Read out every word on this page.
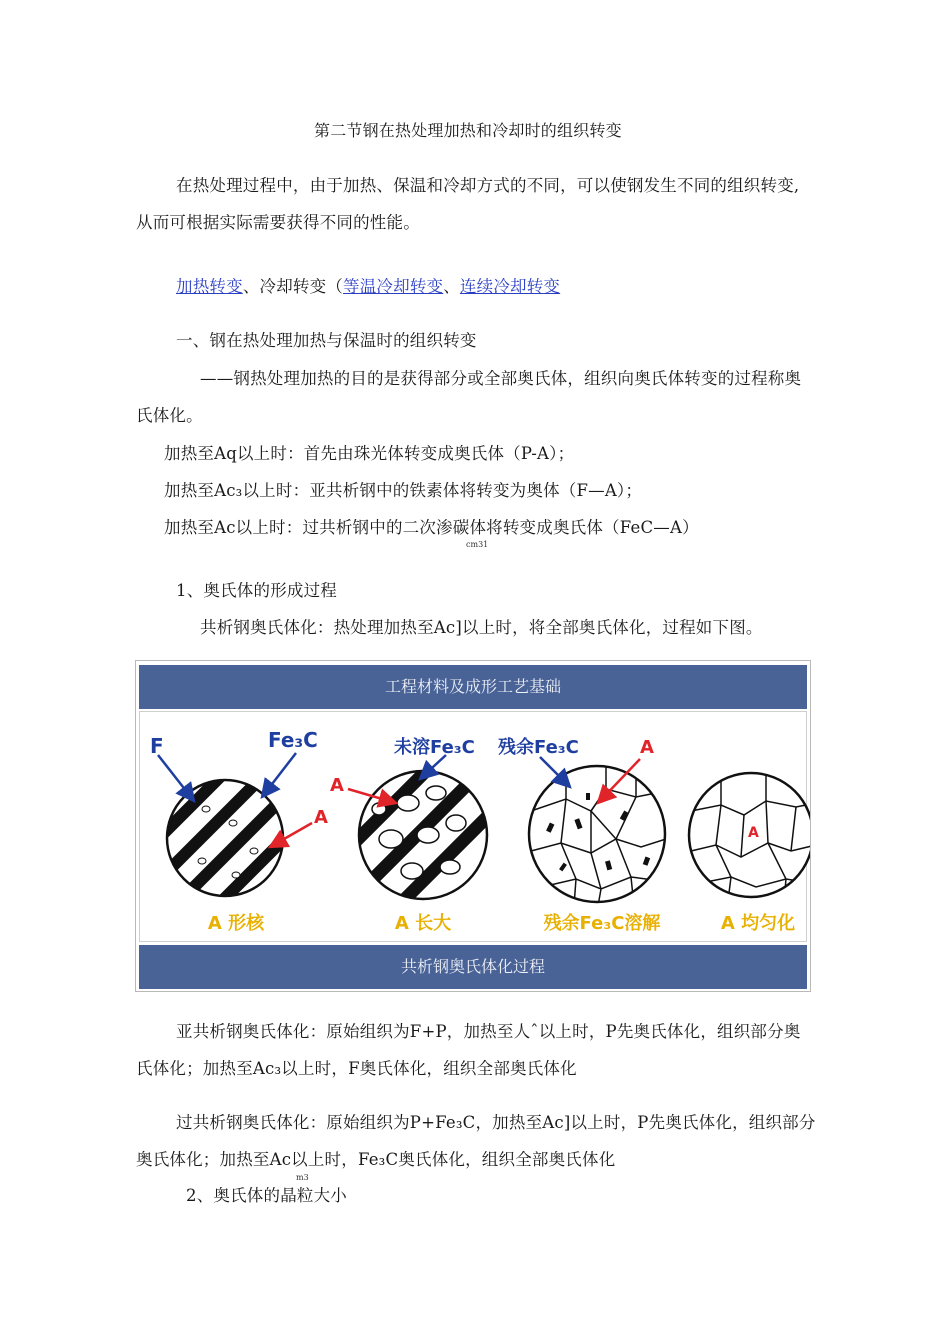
第二节钢在热处理加热和冷却时的组织转变
在热处理过程中，由于加热、保温和冷却方式的不同，可以使钢发生不同的组织转变,
从而可根据实际需要获得不同的性能。
加热转变、冷却转变（等温冷却转变、连续冷却转变
一、钢在热处理加热与保温时的组织转变
——钢热处理加热的目的是获得部分或全部奥氏体，组织向奥氏体转变的过程称奥
氏体化。
加热至Aq以上时：首先由珠光体转变成奥氏体（P-A）；
加热至Ac₃以上时：亚共析钢中的铁素体将转变为奥体（F—A）；
加热至Ac以上时：过共析钢中的二次渗碳体将转变成奥氏体（FeC—A）
cm31
1、奥氏体的形成过程
共析钢奥氏体化：热处理加热至Ac]以上时，将全部奥氏体化，过程如下图。
工程材料及成形工艺基础
F	Fe₃C
A
A
未溶Fe₃C 残余Fe₃C	A
A
A 形核	A 长大	残余Fe₃C溶解	A 均匀化
共析钢奥氏体化过程
亚共析钢奥氏体化：原始组织为F+P，加热至人ˆ以上时，P先奥氏体化，组织部分奥
氏体化；加热至Ac₃以上时，F奥氏体化，组织全部奥氏体化
过共析钢奥氏体化：原始组织为P+Fe₃C，加热至Ac]以上时，P先奥氏体化，组织部分
奥氏体化；加热至Ac以上时，Fe₃C奥氏体化，组织全部奥氏体化
m3
2、奥氏体的晶粒大小
